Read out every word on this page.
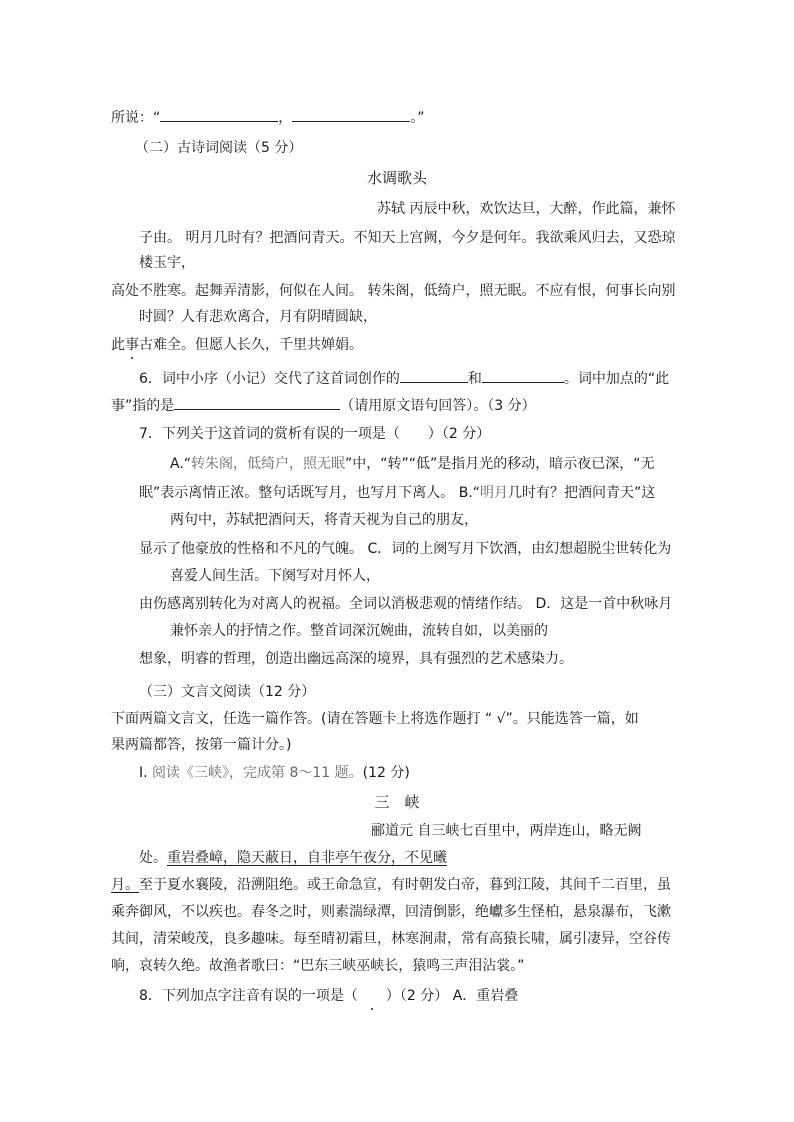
所说：“	，	。”
（二）古诗词阅读（5 分）
水调歌头
苏轼 丙辰中秋，欢饮达旦，大醉，作此篇，兼怀
子由。 明月几时有？把酒问青天。不知天上宫阙，今夕是何年。我欲乘风归去，又恐琼
楼玉宇，
高处不胜寒。起舞弄清影，何似在人间。 转朱阁，低绮户，照无眠。不应有恨，何事长向别
时圆？人有悲欢离合，月有阴晴圆缺，
此事古难全。但愿人长久，千里共婵娟。
6．词中小序（小记）交代了这首词创作的	和	。词中加点的“此
事”指的是	（请用原文语句回答）。（3 分）
7．下列关于这首词的赏析有误的一项是（　　）（2 分）
A.“转朱阁，低绮户，照无眠”中，“转”“低”是指月光的移动，暗示夜已深，“无
眠”表示离情正浓。整句话既写月，也写月下离人。 B.“明月几时有？把酒问青天”这
两句中，苏轼把酒问天，将青天视为自己的朋友，
显示了他豪放的性格和不凡的气魄。 C．词的上阕写月下饮酒，由幻想超脱尘世转化为
喜爱人间生活。下阕写对月怀人，
由伤感离别转化为对离人的祝福。全词以消极悲观的情绪作结。 D．这是一首中秋咏月
兼怀亲人的抒情之作。整首词深沉婉曲，流转自如，以美丽的
想象，明睿的哲理，创造出幽远高深的境界，具有强烈的艺术感染力。
（三）文言文阅读（12 分）
下面两篇文言文，任选一篇作答。(请在答题卡上将选作题打 “ √”。只能选答一篇，如
果两篇都答，按第一篇计分。)
Ⅰ. 阅读《三峡》，完成第 8～11 题。(12 分)
三　峡
郦道元 自三峡七百里中，两岸连山，略无阙
处。重岩叠嶂，隐天蔽日，自非亭午夜分，不见曦
月。至于夏水襄陵，沿溯阻绝。或王命急宣，有时朝发白帝，暮到江陵，其间千二百里，虽
乘奔御风，不以疾也。春冬之时，则素湍绿潭，回清倒影，绝巘多生怪柏，悬泉瀑布，飞漱
其间，清荣峻茂，良多趣味。每至晴初霜旦，林寒涧肃，常有高猿长啸，属引凄异，空谷传
响，哀转久绝。故渔者歌曰：“巴东三峡巫峡长，猿鸣三声泪沾裳。”
8．下列加点字注音有误的一项是（　　 ）（2 分） A．重岩叠
